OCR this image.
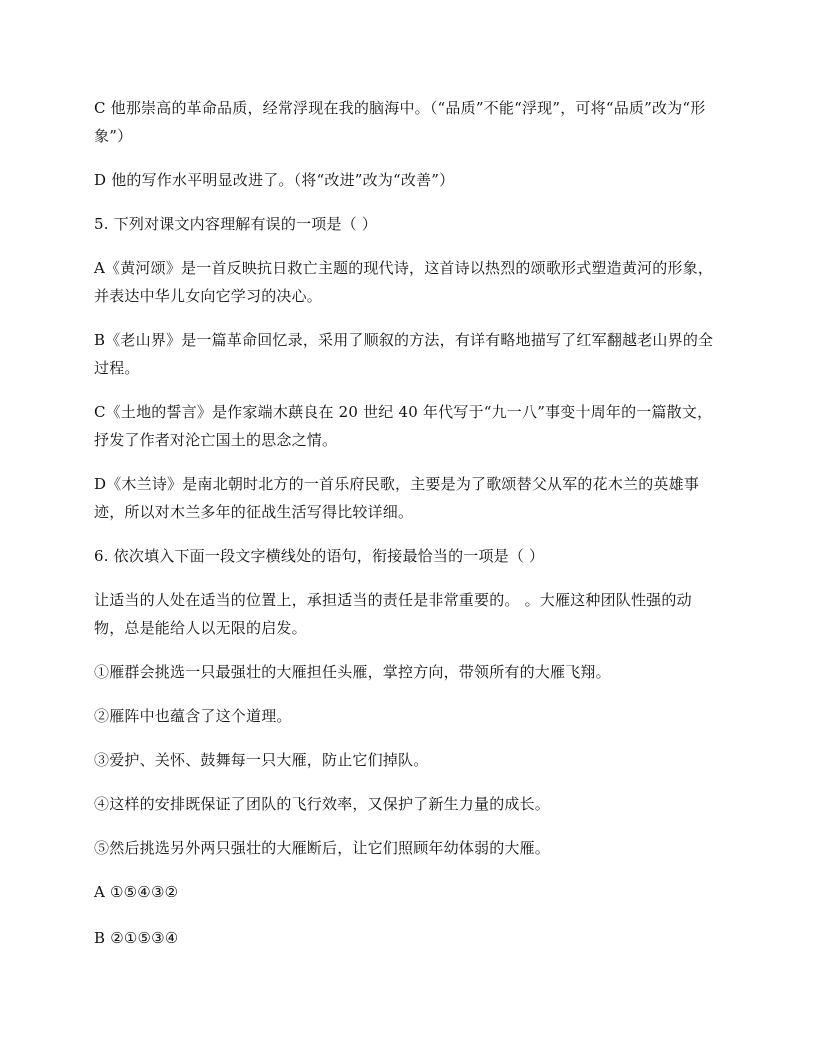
C 他那崇高的革命品质，经常浮现在我的脑海中。（“品质”不能“浮现”，可将“品质”改为“形象”）

D 他的写作水平明显改进了。（将“改进”改为“改善”）

5. 下列对课文内容理解有误的一项是（ ）

A《黄河颂》是一首反映抗日救亡主题的现代诗，这首诗以热烈的颂歌形式塑造黄河的形象，并表达中华儿女向它学习的决心。

B《老山界》是一篇革命回忆录，采用了顺叙的方法，有详有略地描写了红军翻越老山界的全过程。

C《土地的誓言》是作家端木蕻良在 20 世纪 40 年代写于“九一八”事变十周年的一篇散文，抒发了作者对沦亡国土的思念之情。

D《木兰诗》是南北朝时北方的一首乐府民歌，主要是为了歌颂替父从军的花木兰的英雄事迹，所以对木兰多年的征战生活写得比较详细。

6. 依次填入下面一段文字横线处的语句，衔接最恰当的一项是（ ）

让适当的人处在适当的位置上，承担适当的责任是非常重要的。 。大雁这种团队性强的动物，总是能给人以无限的启发。

①雁群会挑选一只最强壮的大雁担任头雁，掌控方向，带领所有的大雁飞翔。

②雁阵中也蕴含了这个道理。

③爱护、关怀、鼓舞每一只大雁，防止它们掉队。

④这样的安排既保证了团队的飞行效率，又保护了新生力量的成长。

⑤然后挑选另外两只强壮的大雁断后，让它们照顾年幼体弱的大雁。

A ①⑤④③②

B ②①⑤③④
